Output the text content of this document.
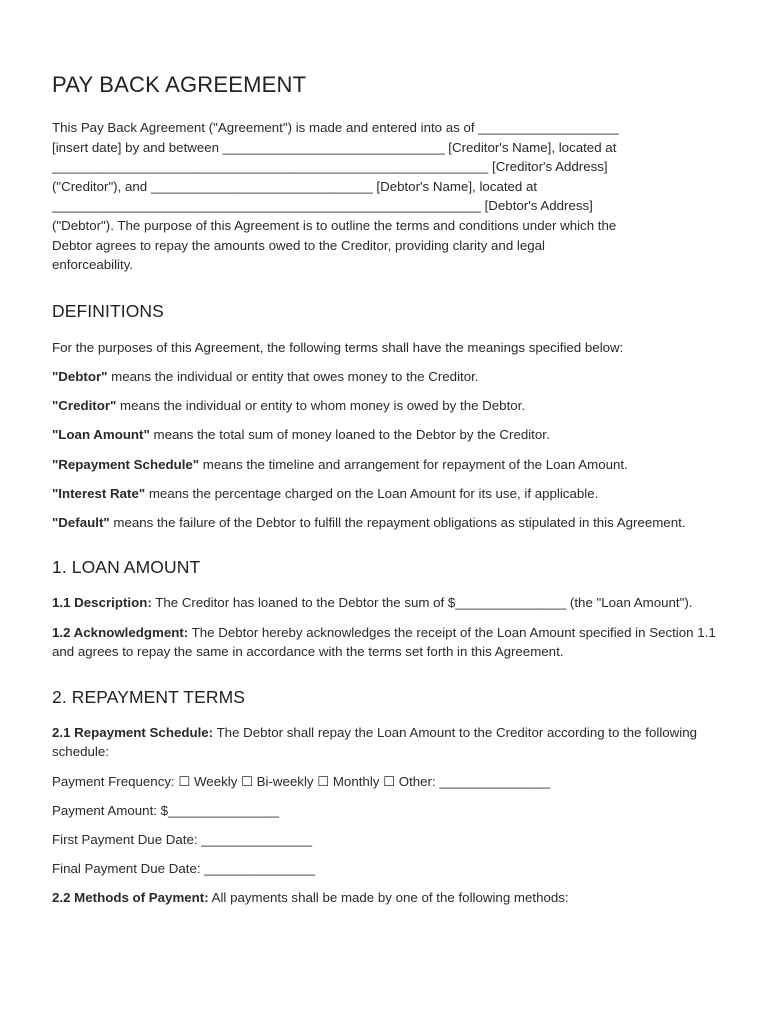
PAY BACK AGREEMENT

This Pay Back Agreement ("Agreement") is made and entered into as of ___________________

[insert date] by and between ______________________________ [Creditor's Name], located at

___________________________________________________________ [Creditor's Address]

("Creditor"), and ______________________________ [Debtor's Name], located at

__________________________________________________________ [Debtor's Address]

("Debtor"). The purpose of this Agreement is to outline the terms and conditions under which the

Debtor agrees to repay the amounts owed to the Creditor, providing clarity and legal

enforceability.

DEFINITIONS

For the purposes of this Agreement, the following terms shall have the meanings specified below:

"Debtor" means the individual or entity that owes money to the Creditor.

"Creditor" means the individual or entity to whom money is owed by the Debtor.

"Loan Amount" means the total sum of money loaned to the Debtor by the Creditor.

"Repayment Schedule" means the timeline and arrangement for repayment of the Loan Amount.

"Interest Rate" means the percentage charged on the Loan Amount for its use, if applicable.

"Default" means the failure of the Debtor to fulfill the repayment obligations as stipulated in this Agreement.

1. LOAN AMOUNT

1.1 Description: The Creditor has loaned to the Debtor the sum of $_______________ (the "Loan Amount").

1.2 Acknowledgment: The Debtor hereby acknowledges the receipt of the Loan Amount specified in Section 1.1 and agrees to repay the same in accordance with the terms set forth in this Agreement.

2. REPAYMENT TERMS

2.1 Repayment Schedule: The Debtor shall repay the Loan Amount to the Creditor according to the following schedule:

Payment Frequency: ☐ Weekly ☐ Bi-weekly ☐ Monthly ☐ Other: _______________

Payment Amount: $_______________

First Payment Due Date: _______________

Final Payment Due Date: _______________

2.2 Methods of Payment: All payments shall be made by one of the following methods:
